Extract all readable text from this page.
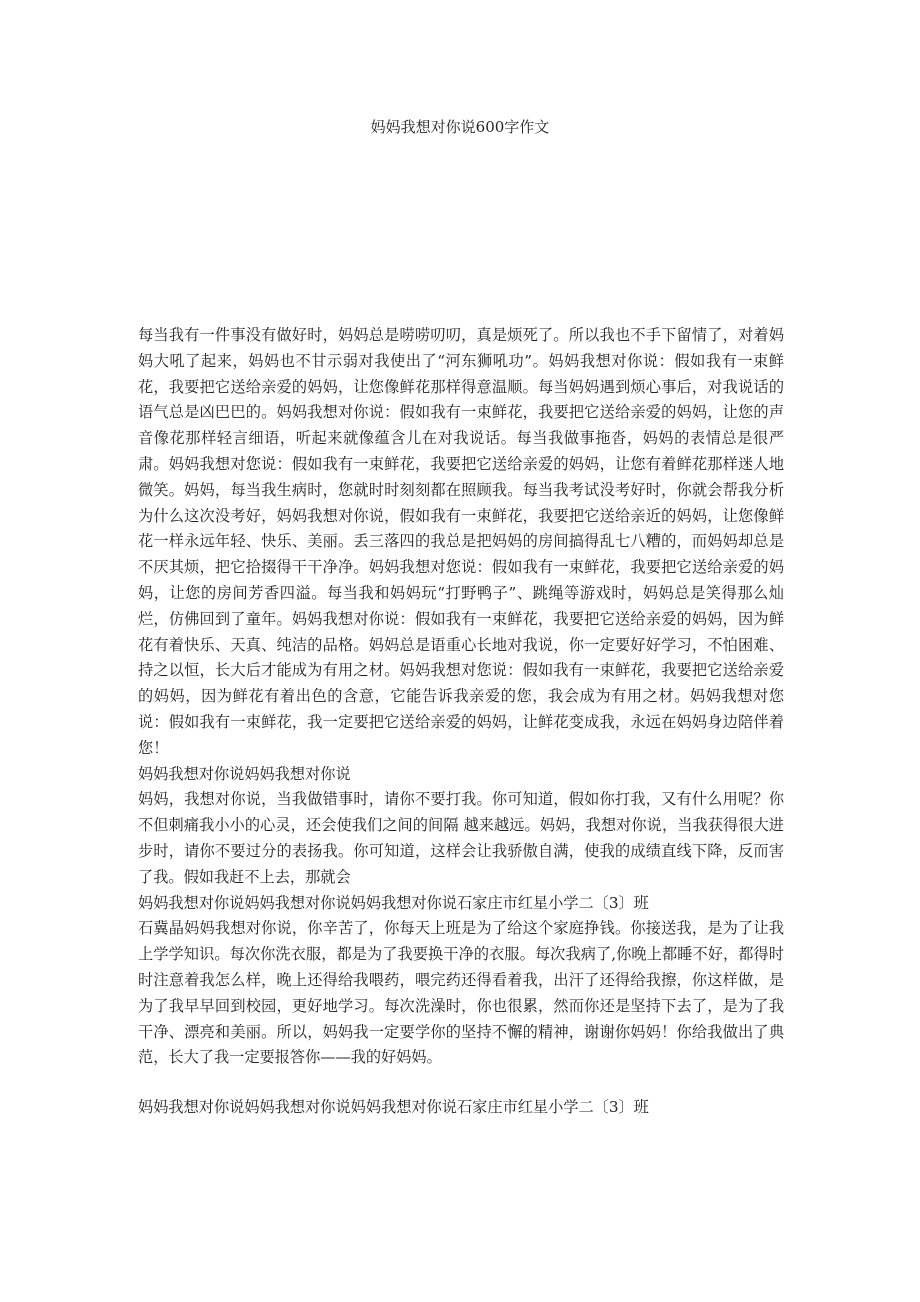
妈妈我想对你说600字作文

每当我有一件事没有做好时，妈妈总是唠唠叨叨，真是烦死了。所以我也不手下留情了，对着妈妈大吼了起来，妈妈也不甘示弱对我使出了“河东狮吼功”。妈妈我想对你说：假如我有一束鲜花，我要把它送给亲爱的妈妈，让您像鲜花那样得意温顺。每当妈妈遇到烦心事后，对我说话的语气总是凶巴巴的。妈妈我想对你说：假如我有一束鲜花，我要把它送给亲爱的妈妈，让您的声音像花那样轻言细语，听起来就像蕴含儿在对我说话。每当我做事拖沓，妈妈的表情总是很严肃。妈妈我想对您说：假如我有一束鲜花，我要把它送给亲爱的妈妈，让您有着鲜花那样迷人地微笑。妈妈，每当我生病时，您就时时刻刻都在照顾我。每当我考试没考好时，你就会帮我分析为什么这次没考好，妈妈我想对你说，假如我有一束鲜花，我要把它送给亲近的妈妈，让您像鲜花一样永远年轻、快乐、美丽。丢三落四的我总是把妈妈的房间搞得乱七八糟的，而妈妈却总是不厌其烦，把它拾掇得干干净净。妈妈我想对您说：假如我有一束鲜花，我要把它送给亲爱的妈妈，让您的房间芳香四溢。每当我和妈妈玩“打野鸭子”、跳绳等游戏时，妈妈总是笑得那么灿烂，仿佛回到了童年。妈妈我想对你说：假如我有一束鲜花，我要把它送给亲爱的妈妈，因为鲜花有着快乐、天真、纯洁的品格。妈妈总是语重心长地对我说，你一定要好好学习，不怕困难、持之以恒，长大后才能成为有用之材。妈妈我想对您说：假如我有一束鲜花，我要把它送给亲爱的妈妈，因为鲜花有着出色的含意，它能告诉我亲爱的您，我会成为有用之材。妈妈我想对您说：假如我有一束鲜花，我一定要把它送给亲爱的妈妈，让鲜花变成我，永远在妈妈身边陪伴着您！

妈妈我想对你说妈妈我想对你说

妈妈，我想对你说，当我做错事时，请你不要打我。你可知道，假如你打我，又有什么用呢？你不但刺痛我小小的心灵，还会使我们之间的间隔 越来越远。妈妈，我想对你说，当我获得很大进步时，请你不要过分的表扬我。你可知道，这样会让我骄傲自满，使我的成绩直线下降，反而害了我。假如我赶不上去，那就会

妈妈我想对你说妈妈我想对你说妈妈我想对你说石家庄市红星小学二〔3〕班

石冀晶妈妈我想对你说，你辛苦了，你每天上班是为了给这个家庭挣钱。你接送我，是为了让我上学学知识。每次你洗衣服，都是为了我要换干净的衣服。每次我病了,你晚上都睡不好，都得时时注意着我怎么样，晚上还得给我喂药，喂完药还得看着我，出汗了还得给我擦，你这样做，是为了我早早回到校园，更好地学习。每次洗澡时，你也很累，然而你还是坚持下去了，是为了我干净、漂亮和美丽。所以，妈妈我一定要学你的坚持不懈的精神，谢谢你妈妈！你给我做出了典范，长大了我一定要报答你——我的好妈妈。

妈妈我想对你说妈妈我想对你说妈妈我想对你说石家庄市红星小学二〔3〕班
